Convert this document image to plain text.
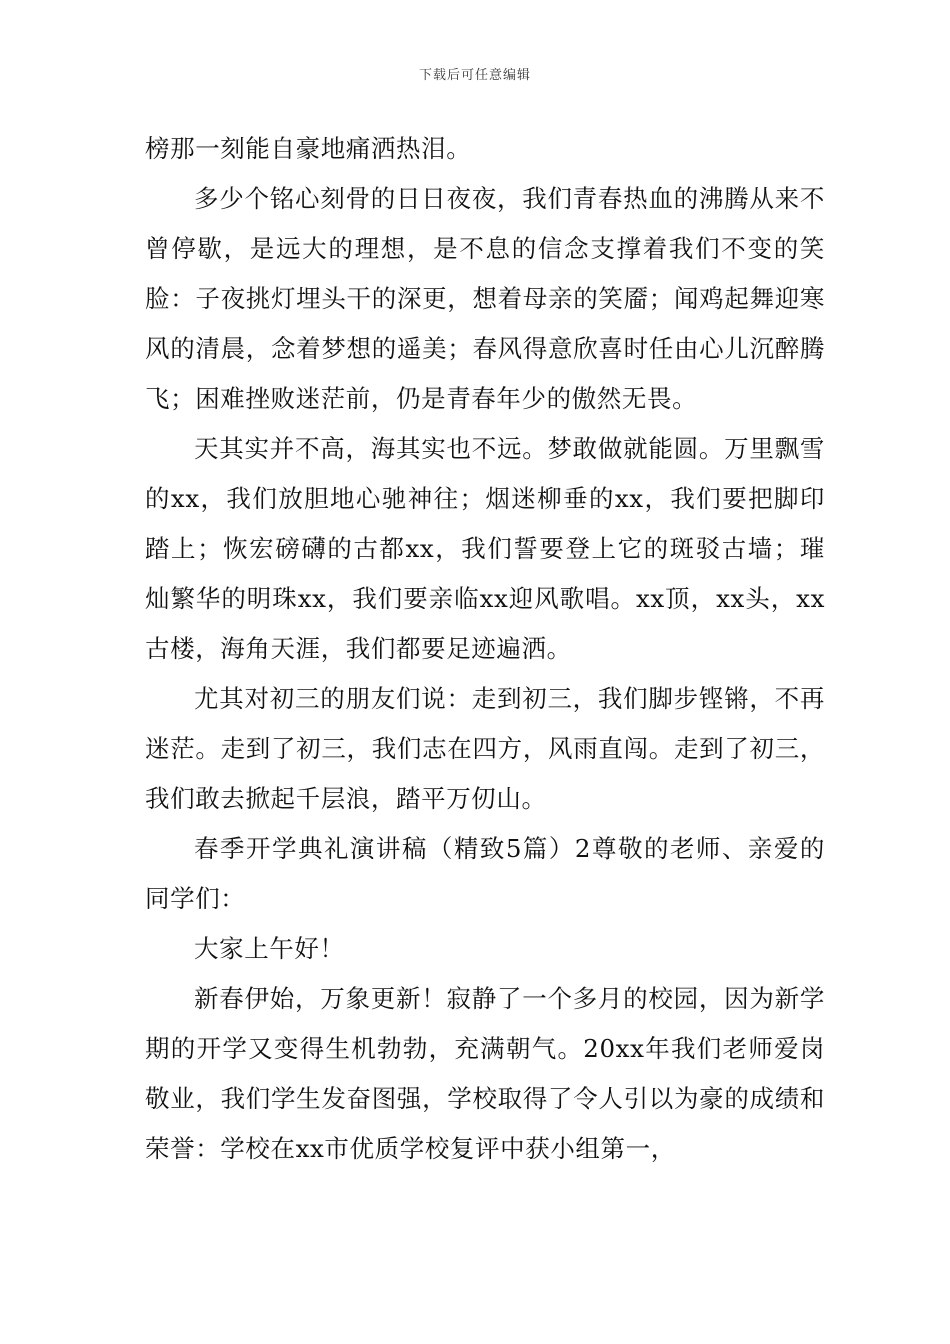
下载后可任意编辑

榜那一刻能自豪地痛洒热泪。

多少个铭心刻骨的日日夜夜，我们青春热血的沸腾从来不曾停歇，是远大的理想，是不息的信念支撑着我们不变的笑脸：子夜挑灯埋头干的深更，想着母亲的笑靥；闻鸡起舞迎寒风的清晨，念着梦想的遥美；春风得意欣喜时任由心儿沉醉腾飞；困难挫败迷茫前，仍是青春年少的傲然无畏。

天其实并不高，海其实也不远。梦敢做就能圆。万里飘雪的xx，我们放胆地心驰神往；烟迷柳垂的xx，我们要把脚印踏上；恢宏磅礴的古都xx，我们誓要登上它的斑驳古墙；璀灿繁华的明珠xx，我们要亲临xx迎风歌唱。xx顶，xx头，xx古楼，海角天涯，我们都要足迹遍洒。

尤其对初三的朋友们说：走到初三，我们脚步铿锵，不再迷茫。走到了初三，我们志在四方，风雨直闯。走到了初三，我们敢去掀起千层浪，踏平万仞山。

春季开学典礼演讲稿（精致5篇）2尊敬的老师、亲爱的同学们：

大家上午好！

新春伊始，万象更新！寂静了一个多月的校园，因为新学期的开学又变得生机勃勃，充满朝气。20xx年我们老师爱岗敬业，我们学生发奋图强，学校取得了令人引以为豪的成绩和荣誉：学校在xx市优质学校复评中获小组第一，
